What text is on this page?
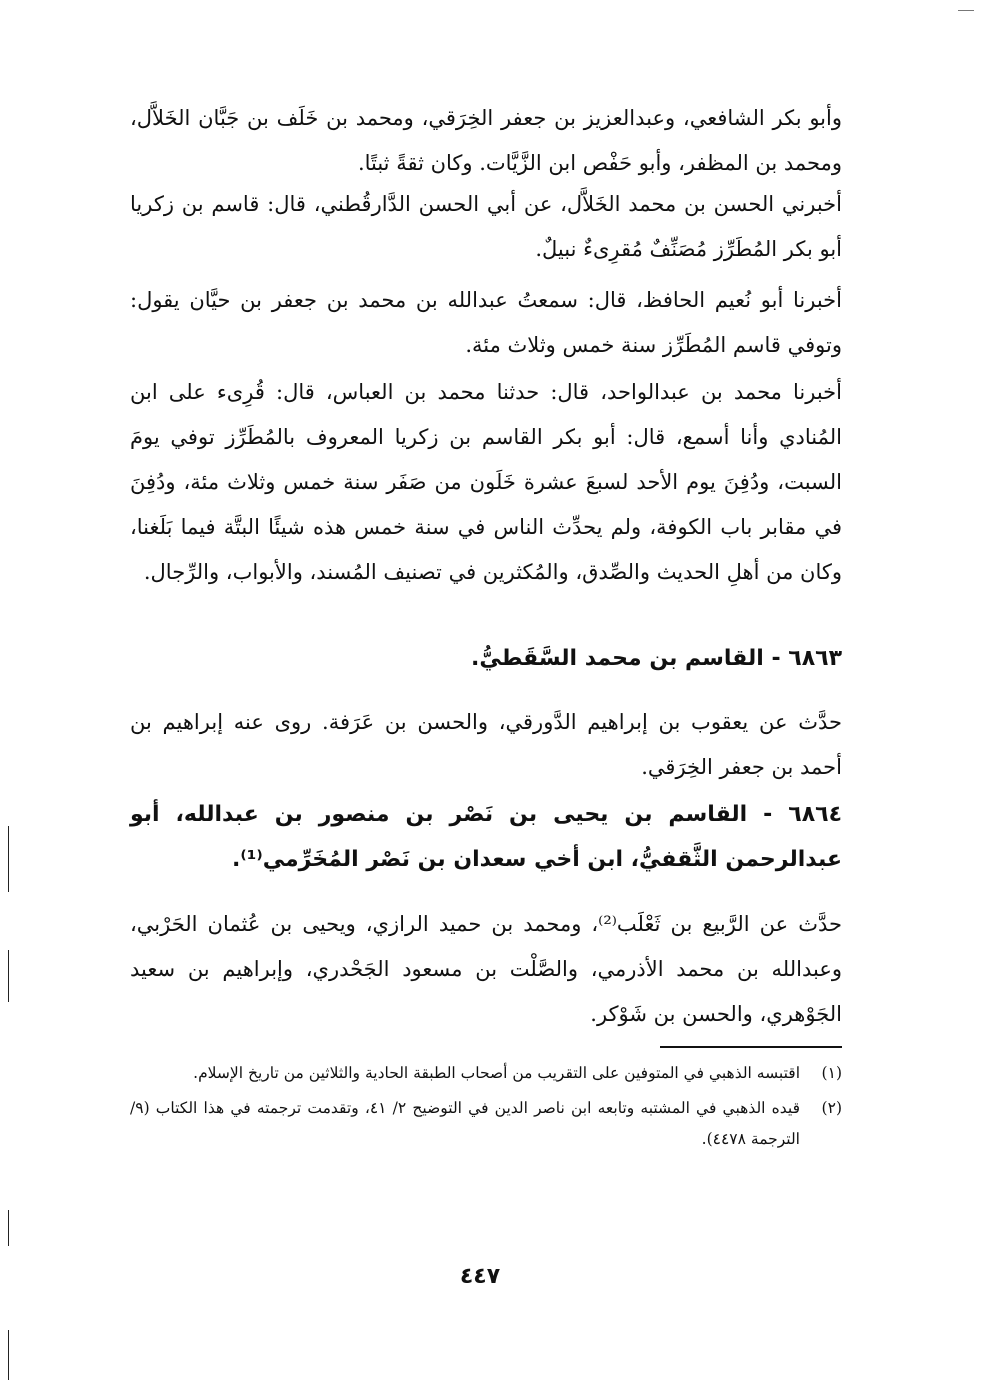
وأبو بكر الشافعي، وعبدالعزيز بن جعفر الخِرَقي، ومحمد بن خَلَف بن جَبَّان الخَلاَّل، ومحمد بن المظفر، وأبو حَفْص ابن الزَّيَّات. وكان ثقةً ثبتًا.

أخبرني الحسن بن محمد الخَلاَّل، عن أبي الحسن الدَّارقُطني، قال: قاسم بن زكريا أبو بكر المُطَرِّز مُصَنِّفٌ مُقرِىءٌ نبيلٌ.

أخبرنا أبو نُعيم الحافظ، قال: سمعتُ عبدالله بن محمد بن جعفر بن حيَّان يقول: وتوفي قاسم المُطَرِّز سنة خمس وثلاث مئة.

أخبرنا محمد بن عبدالواحد، قال: حدثنا محمد بن العباس، قال: قُرِىء على ابن المُنادي وأنا أسمع، قال: أبو بكر القاسم بن زكريا المعروف بالمُطَرِّز توفي يومَ السبت، ودُفِنَ يوم الأحد لسبعَ عشرة خَلَون من صَفَر سنة خمس وثلاث مئة، ودُفِنَ في مقابر باب الكوفة، ولم يحدِّث الناس في سنة خمس هذه شيئًا البتَّة فيما بَلَغنا، وكان من أهلِ الحديث والصِّدق، والمُكثرين في تصنيف المُسند، والأبواب، والرِّجال.

٦٨٦٣ - القاسم بن محمد السَّقَطيُّ.

حدَّث عن يعقوب بن إبراهيم الدَّورقي، والحسن بن عَرَفة. روى عنه إبراهيم بن أحمد بن جعفر الخِرَقي.

٦٨٦٤ - القاسم بن يحيى بن نَصْر بن منصور بن عبدالله، أبو عبدالرحمن الثَّقفيُّ، ابن أخي سعدان بن نَصْر المُخَرِّمي⁽¹⁾.

حدَّث عن الرَّبيع بن ثَعْلَب⁽²⁾، ومحمد بن حميد الرازي، ويحيى بن عُثمان الحَرْبي، وعبدالله بن محمد الأذرمي، والصَّلْت بن مسعود الجَحْدري، وإبراهيم بن سعيد الجَوْهري، والحسن بن شَوْكر.

(١)
اقتبسه الذهبي في المتوفين على التقريب من أصحاب الطبقة الحادية والثلاثين من تاريخ الإسلام.
(٢)
قيده الذهبي في المشتبه وتابعه ابن ناصر الدين في التوضيح ٢/ ٤١، وتقدمت ترجمته في هذا الكتاب (٩/ الترجمة ٤٤٧٨).
٤٤٧
